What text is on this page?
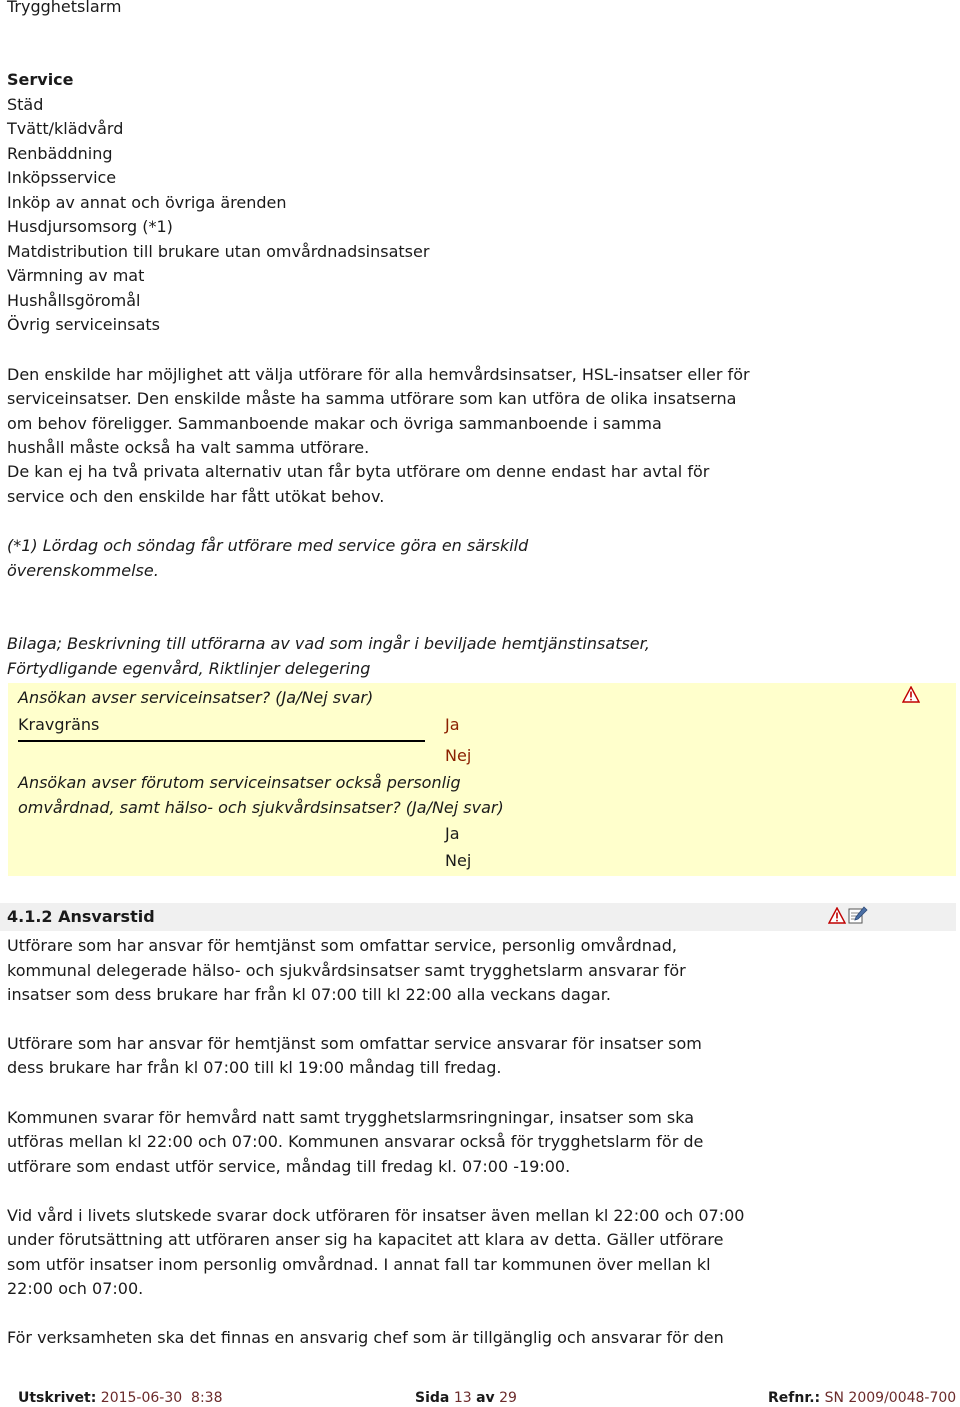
Trygghetslarm
Service
Städ
Tvätt/klädvård
Renbäddning
Inköpsservice
Inköp av annat och övriga ärenden
Husdjursomsorg (*1)
Matdistribution till brukare utan omvårdnadsinsatser
Värmning av mat
Hushållsgöromål
Övrig serviceinsats
Den enskilde har möjlighet att välja utförare för alla hemvårdsinsatser, HSL-insatser eller för
serviceinsatser. Den enskilde måste ha samma utförare som kan utföra de olika insatserna
om behov föreligger. Sammanboende makar och övriga sammanboende i samma
hushåll måste också ha valt samma utförare.
De kan ej ha två privata alternativ utan får byta utförare om denne endast har avtal för
service och den enskilde har fått utökat behov.
(*1) Lördag och söndag får utförare med service göra en särskild
överenskommelse.
Bilaga; Beskrivning till utförarna av vad som ingår i beviljade hemtjänstinsatser,
Förtydligande egenvård, Riktlinjer delegering
Ansökan avser serviceinsatser? (Ja/Nej svar)
Kravgräns	Ja
Nej
Ansökan avser förutom serviceinsatser också personlig
omvårdnad, samt hälso- och sjukvårdsinsatser? (Ja/Nej svar)
Ja
Nej
4.1.2 Ansvarstid
Utförare som har ansvar för hemtjänst som omfattar service, personlig omvårdnad,
kommunal delegerade hälso- och sjukvårdsinsatser samt trygghetslarm ansvarar för
insatser som dess brukare har från kl 07:00 till kl 22:00 alla veckans dagar.
Utförare som har ansvar för hemtjänst som omfattar service ansvarar för insatser som
dess brukare har från kl 07:00 till kl 19:00 måndag till fredag.
Kommunen svarar för hemvård natt samt trygghetslarmsringningar, insatser som ska
utföras mellan kl 22:00 och 07:00. Kommunen ansvarar också för trygghetslarm för de
utförare som endast utför service, måndag till fredag kl. 07:00 -19:00.
Vid vård i livets slutskede svarar dock utföraren för insatser även mellan kl 22:00 och 07:00
under förutsättning att utföraren anser sig ha kapacitet att klara av detta. Gäller utförare
som utför insatser inom personlig omvårdnad. I annat fall tar kommunen över mellan kl
22:00 och 07:00.
För verksamheten ska det finnas en ansvarig chef som är tillgänglig och ansvarar för den
Utskrivet: 2015-06-30  8:38	Sida 13 av 29	Refnr.: SN 2009/0048-700
